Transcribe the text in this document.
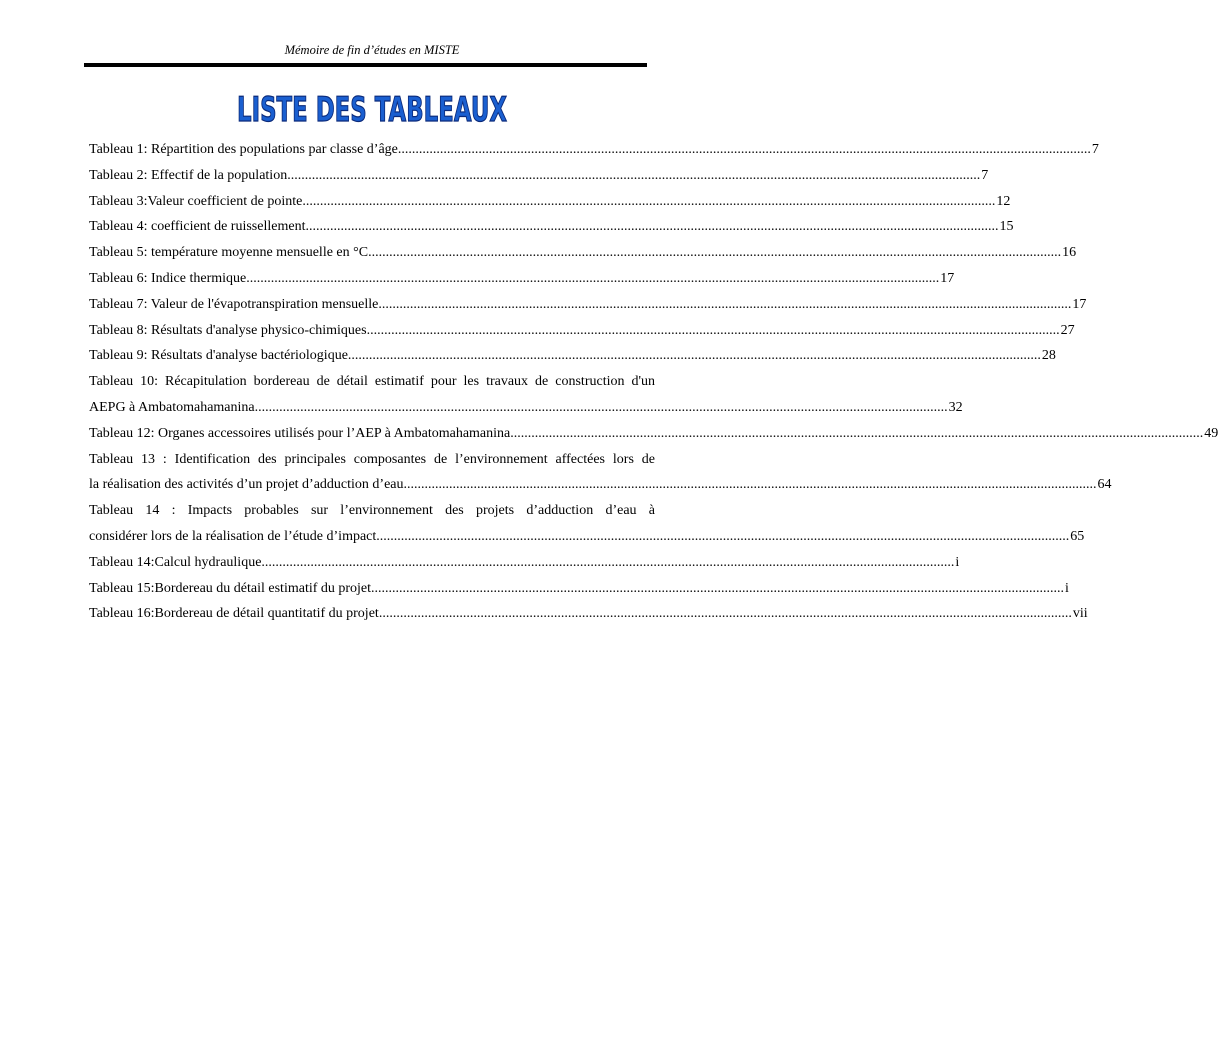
Mémoire de fin d’études en MISTE
LISTE DES TABLEAUX
Tableau 1: Répartition des populations par classe d’âge .....	7
Tableau 2: Effectif de la population .....	7
Tableau 3:Valeur coefficient de pointe .....	12
Tableau 4: coefficient de ruissellement .....	15
Tableau 5: température moyenne mensuelle en °C .....	16
Tableau 6: Indice thermique .....	17
Tableau 7: Valeur de l'évapotranspiration mensuelle .....	17
Tableau 8: Résultats d'analyse physico-chimiques .....	27
Tableau 9: Résultats d'analyse bactériologique .....	28
Tableau 10: Récapitulation bordereau de détail estimatif pour les travaux de construction d'un
AEPG à Ambatomahamanina .....	32
Tableau 12: Organes accessoires utilisés pour l’AEP à Ambatomahamanina .....	49
Tableau 13 : Identification des principales composantes de l’environnement affectées lors de
la réalisation des activités d’un projet d’adduction d’eau .....	64
Tableau 14 : Impacts probables sur l’environnement des projets d’adduction d’eau à
considérer lors de la réalisation de l’étude d’impact .....	65
Tableau 14:Calcul hydraulique .....	i
Tableau 15:Bordereau du détail estimatif du projet .....	i
Tableau 16:Bordereau de détail quantitatif du projet .....	vii
